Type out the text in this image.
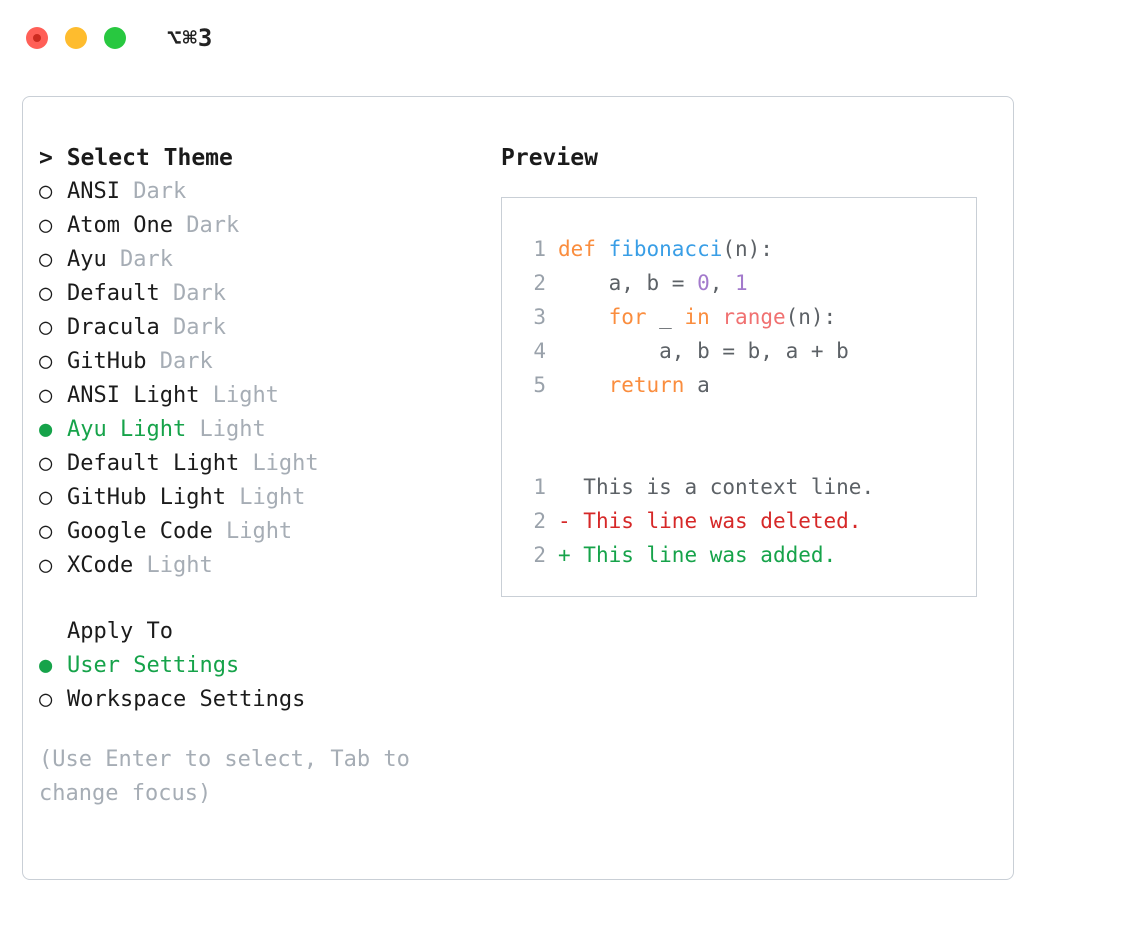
⌥⌘3
> Select Theme
○ ANSI Dark
○ Atom One Dark
○ Ayu Dark
○ Default Dark
○ Dracula Dark
○ GitHub Dark
○ ANSI Light Light
● Ayu Light Light
○ Default Light Light
○ GitHub Light Light
○ Google Code Light
○ XCode Light
Apply To
● User Settings
○ Workspace Settings
(Use Enter to select, Tab to change focus)
Preview
1 def fibonacci(n):
2    a, b = 0, 1
3	for _ in range(n):
4        a, b = b, a + b
5	return a
1  This is a context line.
2 - This line was deleted.
2 + This line was added.
